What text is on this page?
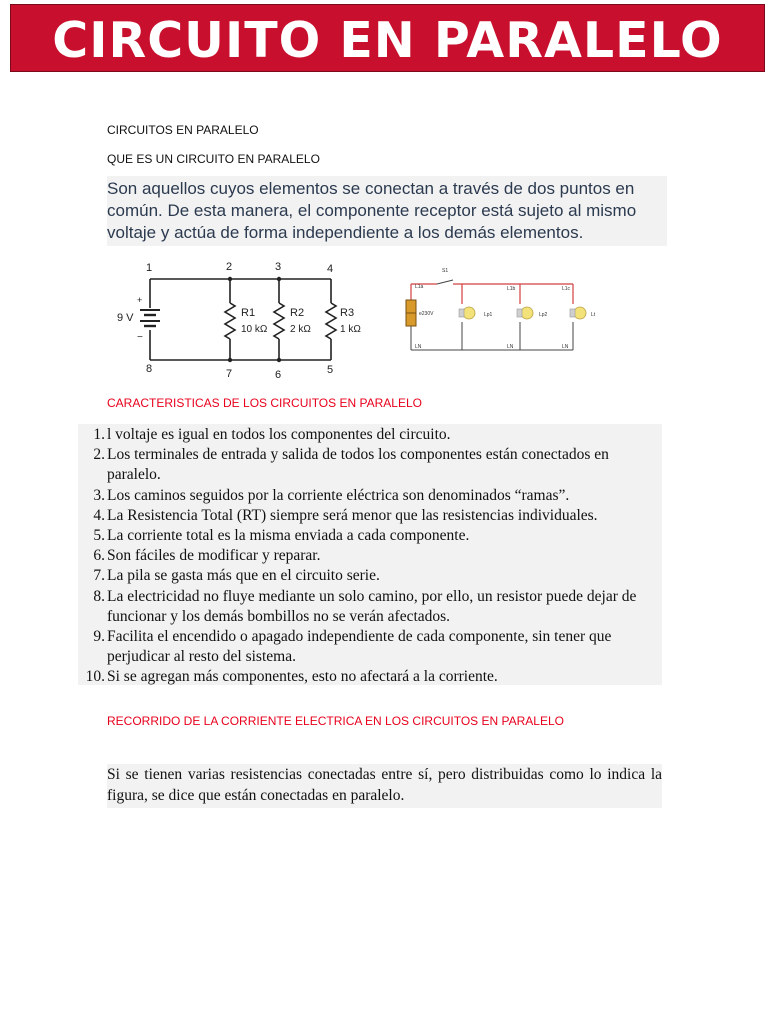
CIRCUITO EN PARALELO
CIRCUITOS EN PARALELO
QUE ES UN CIRCUITO EN PARALELO
Son aquellos cuyos elementos se conectan a través de dos puntos en común. De esta manera, el componente receptor está sujeto al mismo voltaje y actúa de forma independiente a los demás elementos.
1	2	3	4
5
6
7
8
9 V
+
−
R1
10 kΩ
R2
2 kΩ
R3
1 kΩ
S1
e230V	Lp1	Lp2	Lt
L1a	L1b	L1c
LN	LN	LN
CARACTERISTICAS DE LOS CIRCUITOS EN PARALELO
1. l voltaje es igual en todos los componentes del circuito.
2. Los terminales de entrada y salida de todos los componentes están conectados en paralelo.
3. Los caminos seguidos por la corriente eléctrica son denominados “ramas”.
4. La Resistencia Total (RT) siempre será menor que las resistencias individuales.
5. La corriente total es la misma enviada a cada componente.
6. Son fáciles de modificar y reparar.
7. La pila se gasta más que en el circuito serie.
8. La electricidad no fluye mediante un solo camino, por ello, un resistor puede dejar de funcionar y los demás bombillos no se verán afectados.
9. Facilita el encendido o apagado independiente de cada componente, sin tener que perjudicar al resto del sistema.
10. Si se agregan más componentes, esto no afectará a la corriente.
RECORRIDO DE LA CORRIENTE ELECTRICA EN LOS CIRCUITOS EN PARALELO
Si se tienen varias resistencias conectadas entre sí, pero distribuidas como lo indica la figura, se dice que están conectadas en paralelo.
